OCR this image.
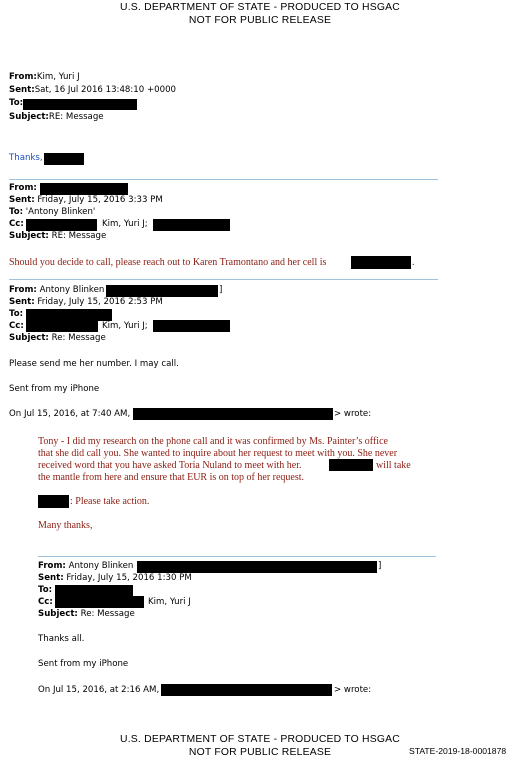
U.S. DEPARTMENT OF STATE - PRODUCED TO HSGAC
NOT FOR PUBLIC RELEASE
From:Kim, Yuri J
Sent:Sat, 16 Jul 2016 13:48:10 +0000
To:
Subject:RE: Message
Thanks,
From:
Sent: Friday, July 15, 2016 3:33 PM
To: 'Antony Blinken'
Cc:	Kim, Yuri J;
Subject: RE: Message
Should you decide to call, please reach out to Karen Tramontano and her cell is	.
From: Antony Blinken	]
Sent: Friday, July 15, 2016 2:53 PM
To:
Cc:	Kim, Yuri J;
Subject: Re: Message
Please send me her number. I may call.
Sent from my iPhone
On Jul 15, 2016, at 7:40 AM,	> wrote:
Tony - I did my research on the phone call and it was confirmed by Ms. Painter’s office
that she did call you. She wanted to inquire about her request to meet with you. She never
received word that you have asked Toria Nuland to meet with her.	will take
the mantle from here and ensure that EUR is on top of her request.
: Please take action.
Many thanks,
From: Antony Blinken	]
Sent: Friday, July 15, 2016 1:30 PM
To:
Cc:	Kim, Yuri J
Subject: Re: Message
Thanks all.
Sent from my iPhone
On Jul 15, 2016, at 2:16 AM,	> wrote:
U.S. DEPARTMENT OF STATE - PRODUCED TO HSGAC
NOT FOR PUBLIC RELEASE	STATE-2019-18-0001878
